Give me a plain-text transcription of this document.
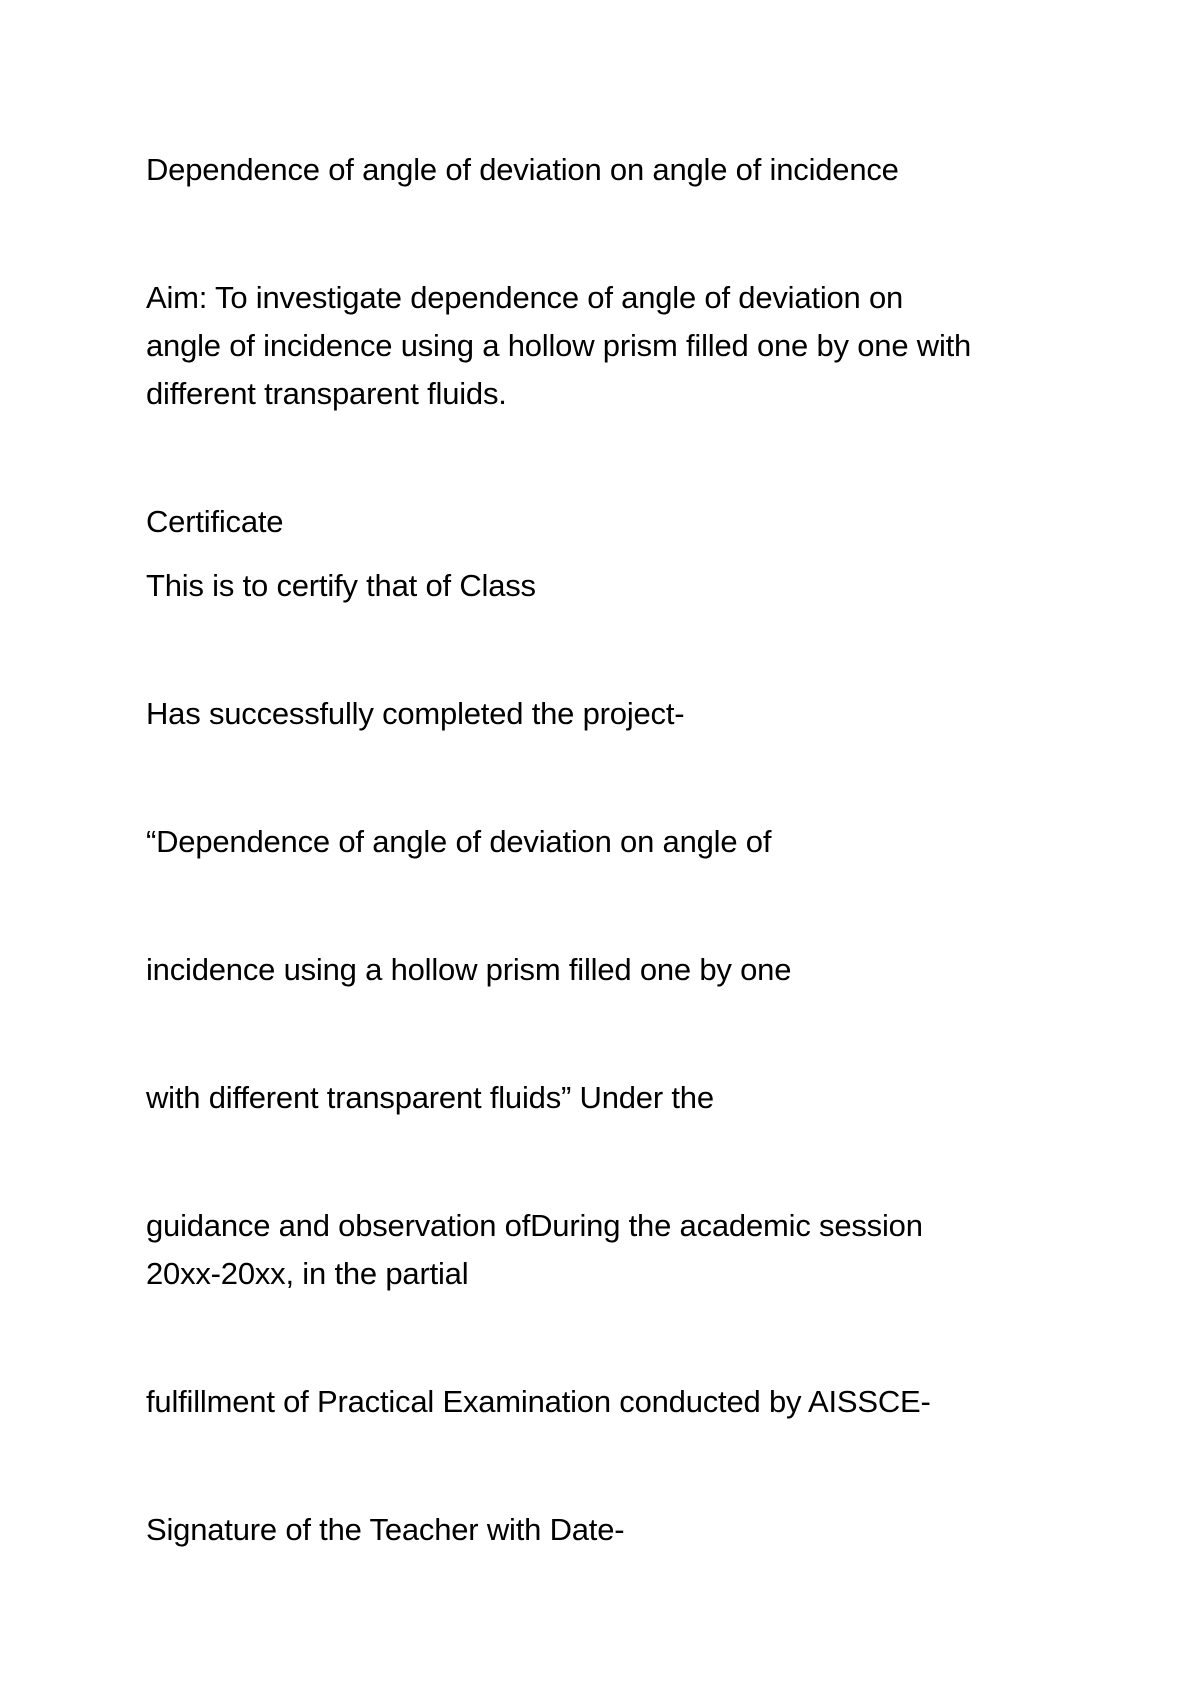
Dependence of angle of deviation on angle of incidence
Aim: To investigate dependence of angle of deviation on
angle of incidence using a hollow prism filled one by one with
different transparent fluids.
Certificate
This is to certify that of Class
Has successfully completed the project-
“Dependence of angle of deviation on angle of
incidence using a hollow prism filled one by one
with different transparent fluids” Under the
guidance and observation ofDuring the academic session
20xx-20xx, in the partial
fulfillment of Practical Examination conducted by AISSCE-
Signature of the Teacher with Date-
